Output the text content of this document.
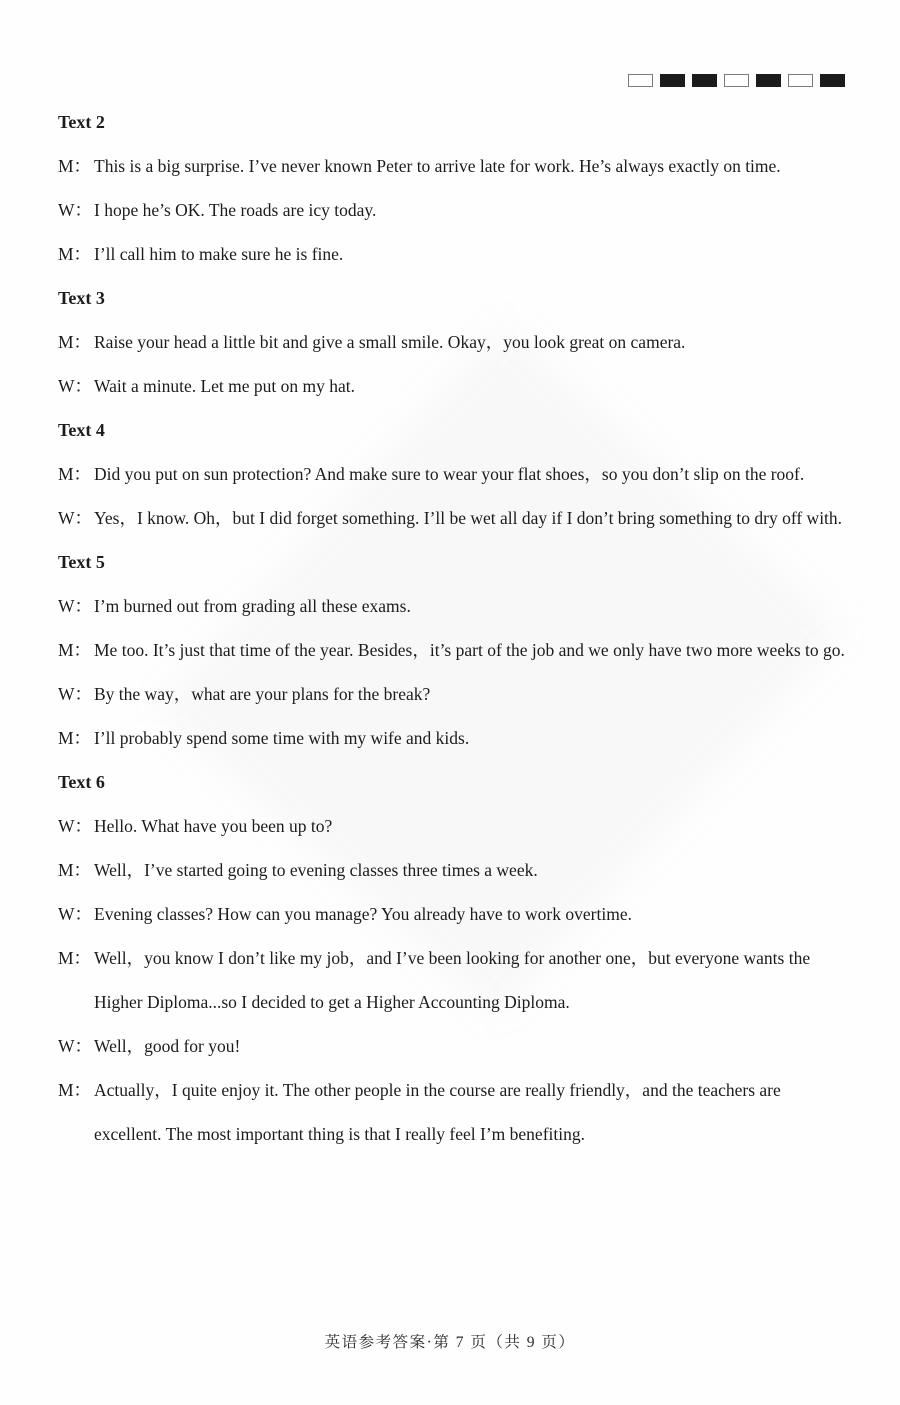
Text 2
M： This is a big surprise. I’ve never known Peter to arrive late for work. He’s always exactly on time.
W： I hope he’s OK. The roads are icy today.
M： I’ll call him to make sure he is fine.
Text 3
M： Raise your head a little bit and give a small smile. Okay，you look great on camera.
W： Wait a minute. Let me put on my hat.
Text 4
M： Did you put on sun protection? And make sure to wear your flat shoes，so you don’t slip on the roof.
W： Yes，I know. Oh，but I did forget something. I’ll be wet all day if I don’t bring something to dry off with.
Text 5
W： I’m burned out from grading all these exams.
M： Me too. It’s just that time of the year. Besides，it’s part of the job and we only have two more weeks to go.
W： By the way，what are your plans for the break?
M： I’ll probably spend some time with my wife and kids.
Text 6
W： Hello. What have you been up to?
M： Well，I’ve started going to evening classes three times a week.
W： Evening classes? How can you manage? You already have to work overtime.
M： Well，you know I don’t like my job，and I’ve been looking for another one，but everyone wants the Higher Diploma...so I decided to get a Higher Accounting Diploma.
W： Well，good for you!
M： Actually，I quite enjoy it. The other people in the course are really friendly，and the teachers are excellent. The most important thing is that I really feel I’m benefiting.
英语参考答案·第 7 页（共 9 页）
